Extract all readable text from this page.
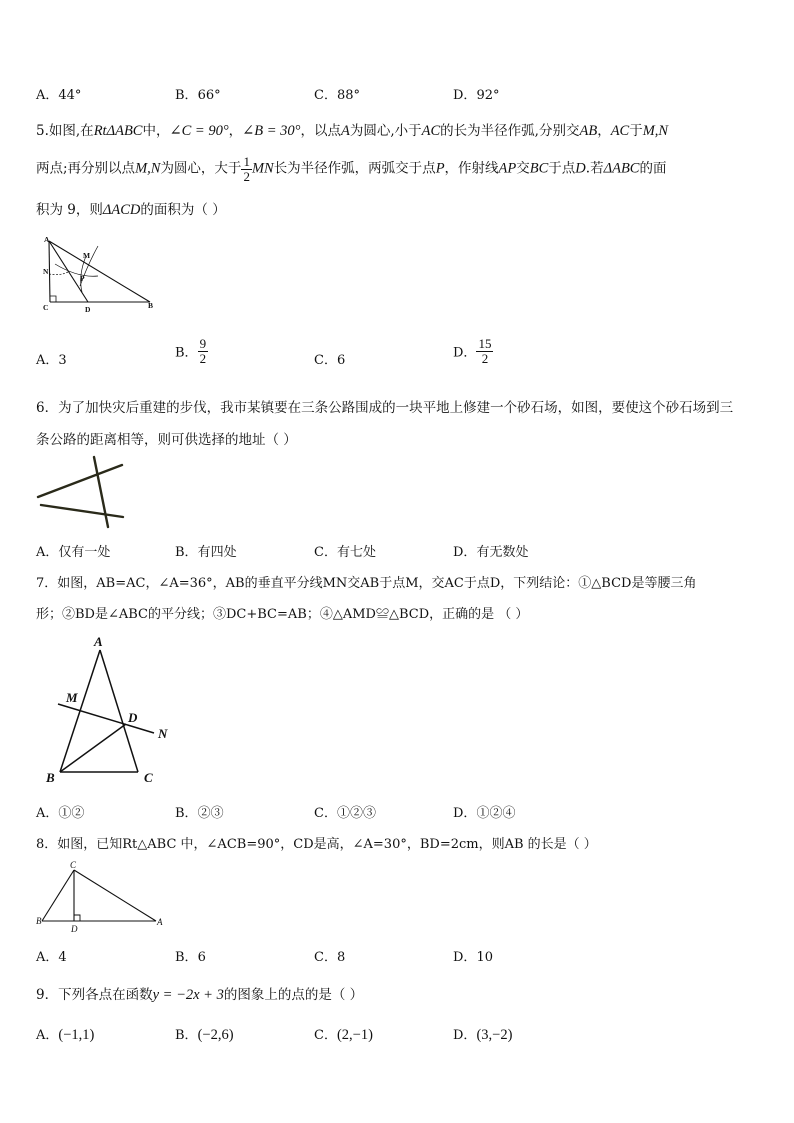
A．44°	B．66°	C．88°	D．92°
5.如图,在RtΔABC中，∠C = 90°，∠B = 30°，以点A为圆心,小于AC的长为半径作弧,分别交AB，AC于M,N
两点;再分别以点M,N为圆心，大于 $\frac{1}{2}$ MN长为半径作弧，两弧交于点P，作射线AP交BC于点D.若ΔABC的面
积为 9，则ΔACD的面积为（ ）
A
M
N
P
C	D	B
A．3	B． $\frac{9}{2}$	C．6	D． $\frac{15}{2}$
6．为了加快灾后重建的步伐，我市某镇要在三条公路围成的一块平地上修建一个砂石场，如图，要使这个砂石场到三
条公路的距离相等，则可供选择的地址（ ）
A．仅有一处	B．有四处	C．有七处	D．有无数处
7．如图，AB=AC，∠A=36°，AB的垂直平分线MN交AB于点M，交AC于点D，下列结论：①△BCD是等腰三角
形；②BD是∠ABC的平分线；③DC+BC=AB；④△AMD≌△BCD，正确的是 （ ）
A
M
D
N
B	C
A．①②	B．②③	C．①②③	D．①②④
8．如图，已知Rt△ABC 中，∠ACB=90°，CD是高，∠A=30°，BD=2cm，则AB 的长是（ ）
C
B
D
A
A．4	B．6	C．8	D．10
9．下列各点在函数y = −2x + 3的图象上的点的是（ ）
A．(−1,1)	B．(−2,6)	C．(2,−1)	D．(3,−2)
